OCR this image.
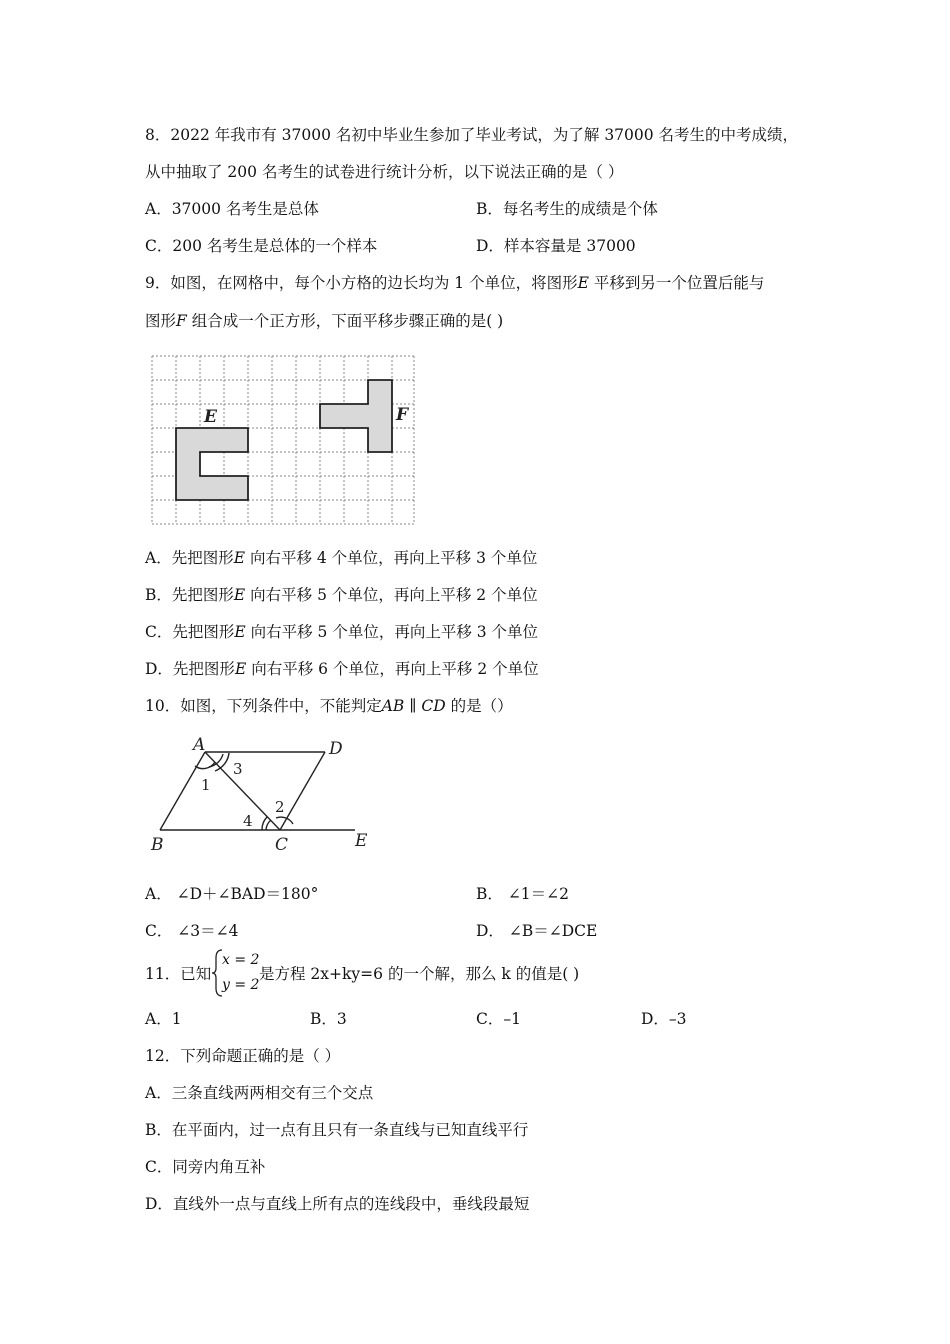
8．2022 年我市有 37000 名初中毕业生参加了毕业考试，为了解 37000 名考生的中考成绩，
从中抽取了 200 名考生的试卷进行统计分析，以下说法正确的是（ ）
A．37000 名考生是总体	B．每名考生的成绩是个体
C．200 名考生是总体的一个样本	D．样本容量是 37000
9．如图，在网格中，每个小方格的边长均为 1 个单位，将图形E 平移到另一个位置后能与
图形F 组合成一个正方形，下面平移步骤正确的是( )
E	F
A．先把图形E 向右平移 4 个单位，再向上平移 3 个单位
B．先把图形E 向右平移 5 个单位，再向上平移 2 个单位
C．先把图形E 向右平移 5 个单位，再向上平移 3 个单位
D．先把图形E 向右平移 6 个单位，再向上平移 2 个单位
10．如图，下列条件中，不能判定AB ∥ CD 的是（）
A	D
B	C	E
1
3
2
4
A． ∠D＋∠BAD＝180°	B． ∠1＝∠2
C． ∠3＝∠4	D． ∠B＝∠DCE
11．已知
x = 2
y = 2
是方程 2x+ky=6 的一个解，那么 k 的值是( )
A．1	B．3	C．–1	D．–3
12．下列命题正确的是（ ）
A．三条直线两两相交有三个交点
B．在平面内，过一点有且只有一条直线与已知直线平行
C．同旁内角互补
D．直线外一点与直线上所有点的连线段中，垂线段最短
